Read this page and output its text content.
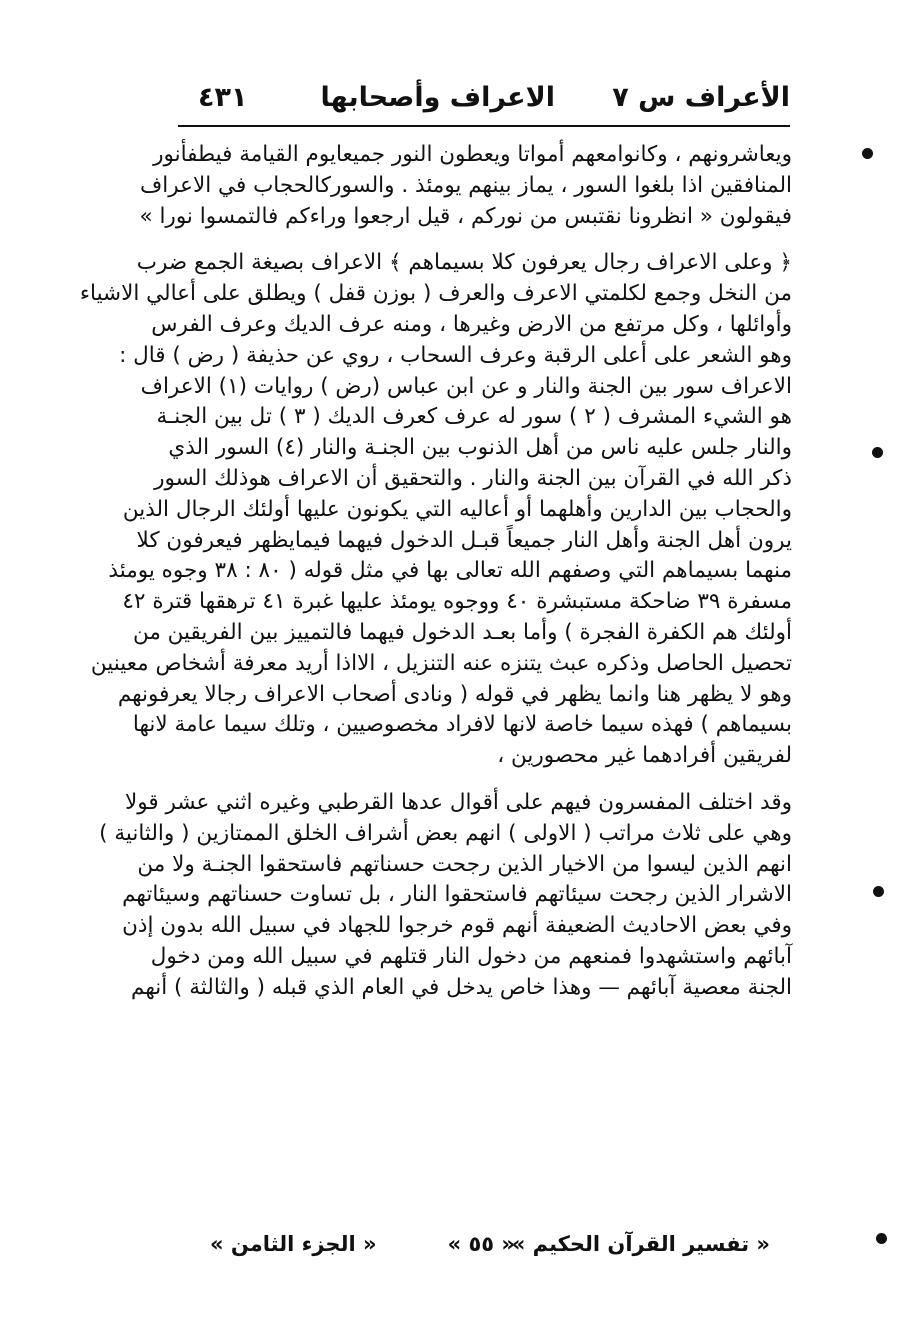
الأعراف س ٧
الاعراف وأصحابها
٤٣١
ويعاشرونهم ، وكانوامعهم أمواتا ويعطون النور جميعايوم القيامة فيطفأنور
المنافقين اذا بلغوا السور ، يماز بينهم يومئذ . والسوركالحجاب في الاعراف
فيقولون « انظرونا نقتبس من نوركم ، قيل ارجعوا وراءكم فالتمسوا نورا »
﴿ وعلى الاعراف رجال يعرفون كلا بسيماهم ﴾ الاعراف بصيغة الجمع ضرب
من النخل وجمع لكلمتي الاعرف والعرف ( بوزن قفل ) ويطلق على أعالي الاشياء
وأوائلها ، وكل مرتفع من الارض وغيرها ، ومنه عرف الديك وعرف الفرس
وهو الشعر على أعلى الرقبة وعرف السحاب ، روي عن حذيفة ( رض ) قال :
الاعراف سور بين الجنة والنار و عن ابن عباس (رض ) روايات (١) الاعراف
هو الشيء المشرف ( ٢ ) سور له عرف كعرف الديك ( ٣ ) تل بين الجنـة
والنار جلس عليه ناس من أهل الذنوب بين الجنـة والنار (٤) السور الذي
ذكر الله في القرآن بين الجنة والنار . والتحقيق أن الاعراف هوذلك السور
والحجاب بين الدارين وأهلهما أو أعاليه التي يكونون عليها أولئك الرجال الذين
يرون أهل الجنة وأهل النار جميعاً قبـل الدخول فيهما فيمايظهر فيعرفون كلا
منهما بسيماهم التي وصفهم الله تعالى بها في مثل قوله ( ٨٠ : ٣٨ وجوه يومئذ
مسفرة ٣٩ ضاحكة مستبشرة ٤٠ ووجوه يومئذ عليها غبرة ٤١ ترهقها قترة ٤٢
أولئك هم الكفرة الفجرة ) وأما بعـد الدخول فيهما فالتمييز بين الفريقين من
تحصيل الحاصل وذكره عبث يتنزه عنه التنزيل ، الااذا أريد معرفة أشخاص معينين
وهو لا يظهر هنا وانما يظهر في قوله ( ونادى أصحاب الاعراف رجالا يعرفونهم
بسيماهم ) فهذه سيما خاصة لانها لافراد مخصوصيين ، وتلك سيما عامة لانها
لفريقين أفرادهما غير محصورين ،
وقد اختلف المفسرون فيهم على أقوال عدها القرطبي وغيره اثني عشر قولا
وهي على ثلاث مراتب ( الاولى ) انهم بعض أشراف الخلق الممتازين ( والثانية )
انهم الذين ليسوا من الاخيار الذين رجحت حسناتهم فاستحقوا الجنـة ولا من
الاشرار الذين رجحت سيئاتهم فاستحقوا النار ، بل تساوت حسناتهم وسيئاتهم
وفي بعض الاحاديث الضعيفة أنهم قوم خرجوا للجهاد في سبيل الله بدون إذن
آبائهم واستشهدوا فمنعهم من دخول النار قتلهم في سبيل الله ومن دخول
الجنة معصية آبائهم — وهذا خاص يدخل في العام الذي قبله ( والثالثة ) أنهم
« تفسير القرآن الحكيم »
« ٥٥ »
« الجزء الثامن »
